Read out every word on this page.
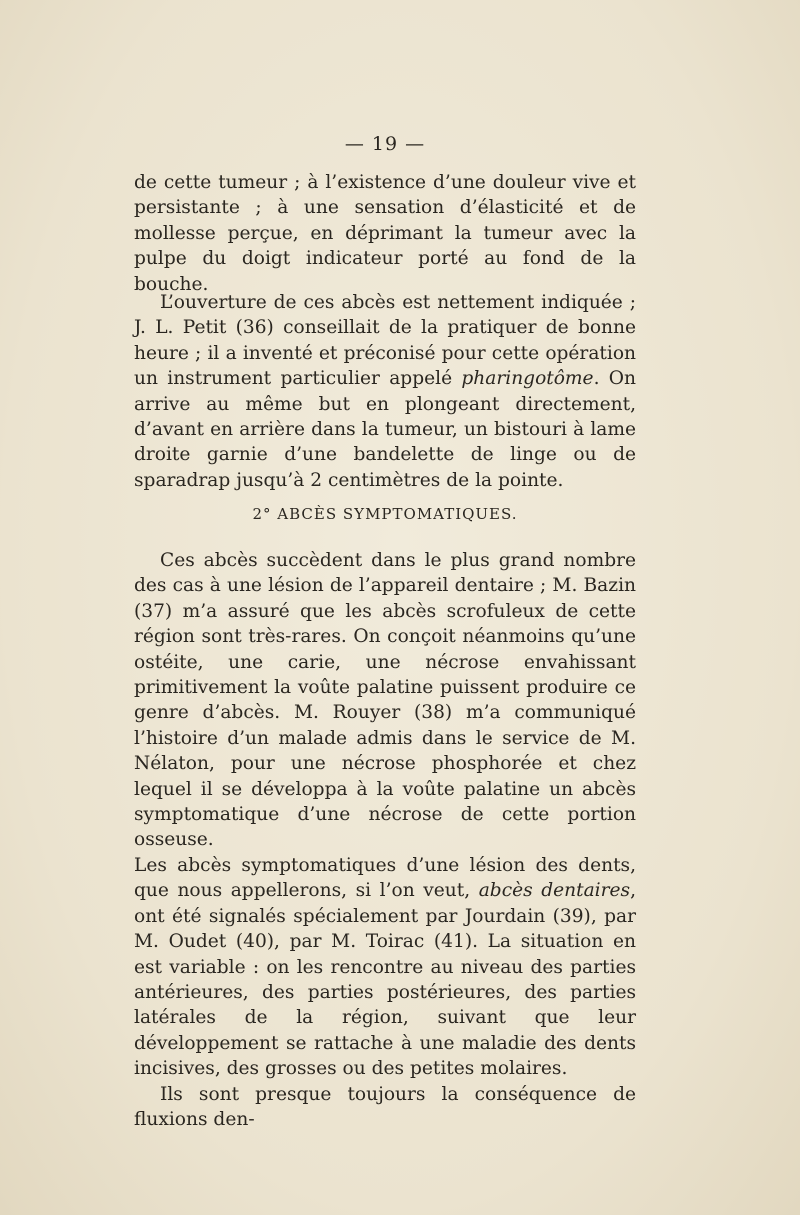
— 19 —

de cette tumeur ; à l’existence d’une douleur vive et persistante ; à une sensation d’élasticité et de mollesse perçue, en déprimant la tumeur avec la pulpe du doigt indicateur porté au fond de la bouche.

L’ouverture de ces abcès est nettement indiquée ; J. L. Petit (36) conseillait de la pratiquer de bonne heure ; il a inventé et préconisé pour cette opération un instrument particulier appelé pharingotôme. On arrive au même but en plongeant directement, d’avant en arrière dans la tumeur, un bistouri à lame droite garnie d’une bandelette de linge ou de sparadrap jusqu’à 2 centimètres de la pointe.

2° ABCÈS SYMPTOMATIQUES.

Ces abcès succèdent dans le plus grand nombre des cas à une lésion de l’appareil dentaire ; M. Bazin (37) m’a assuré que les abcès scrofuleux de cette région sont très-rares. On conçoit néanmoins qu’une ostéite, une carie, une nécrose envahissant primitivement la voûte palatine puissent produire ce genre d’abcès. M. Rouyer (38) m’a communiqué l’histoire d’un malade admis dans le service de M. Nélaton, pour une nécrose phosphorée et chez lequel il se développa à la voûte palatine un abcès symptomatique d’une nécrose de cette portion osseuse.

Les abcès symptomatiques d’une lésion des dents, que nous appellerons, si l’on veut, abcès dentaires, ont été signalés spécialement par Jourdain (39), par M. Oudet (40), par M. Toirac (41). La situation en est variable : on les rencontre au niveau des parties antérieures, des parties postérieures, des parties latérales de la région, suivant que leur développement se rattache à une maladie des dents incisives, des grosses ou des petites molaires.

Ils sont presque toujours la conséquence de fluxions den-
